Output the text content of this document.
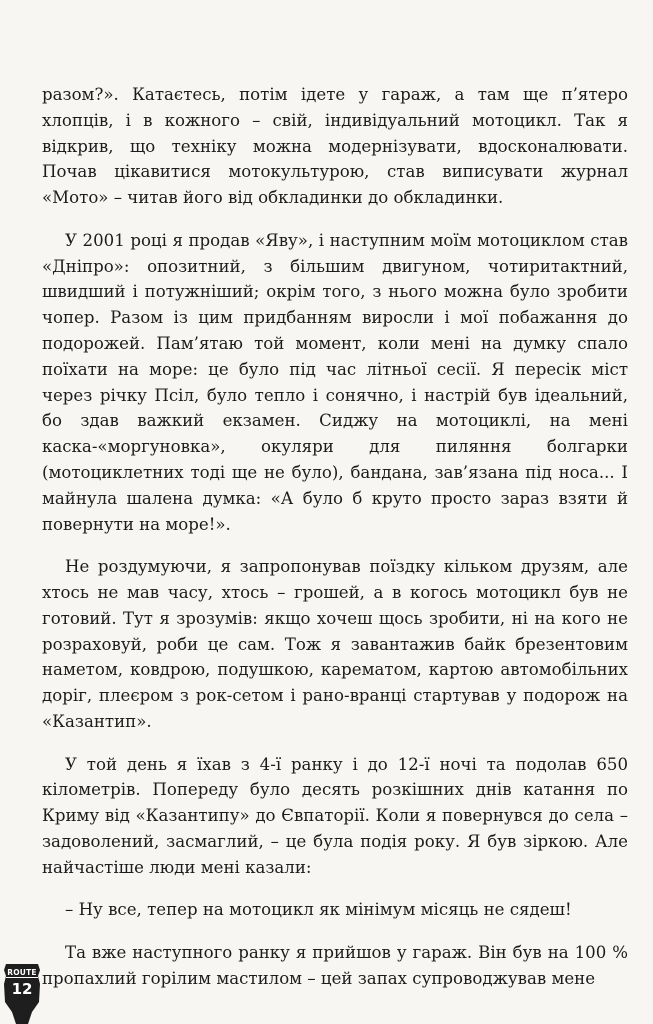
разом?». Катаєтесь, потім ідете у гараж, а там ще п’ятеро хлопців, і в кожного – свій, індивідуальний мотоцикл. Так я відкрив, що техніку можна модернізувати, вдосконалювати. Почав цікавитися мотокультурою, став виписувати журнал «Мото» – читав його від обкладинки до обкладинки.

У 2001 році я продав «Яву», і наступним моїм мотоциклом став «Дніпро»: опозитний, з більшим двигуном, чотиритактний, швидший і потужніший; окрім того, з нього можна було зробити чопер. Разом із цим придбанням виросли і мої побажання до подорожей. Пам’ятаю той момент, коли мені на думку спало поїхати на море: це було під час літньої сесії. Я пересік міст через річку Псіл, було тепло і сонячно, і настрій був ідеальний, бо здав важкий екзамен. Сиджу на мотоциклі, на мені каска-«моргуновка», окуляри для пиляння болгарки (мотоциклетних тоді ще не було), бандана, зав’язана під носа... І майнула шалена думка: «А було б круто просто зараз взяти й повернути на море!».

Не роздумуючи, я запропонував поїздку кільком друзям, але хтось не мав часу, хтось – грошей, а в когось мотоцикл був не готовий. Тут я зрозумів: якщо хочеш щось зробити, ні на кого не розраховуй, роби це сам. Тож я завантажив байк брезентовим наметом, ковдрою, подушкою, карематом, картою автомобільних доріг, плеєром з рок-сетом і рано-вранці стартував у подорож на «Казантип».

У той день я їхав з 4-ї ранку і до 12-ї ночі та подолав 650 кілометрів. Попереду було десять розкішних днів катання по Криму від «Казантипу» до Євпаторії. Коли я повернувся до села – задоволений, засмаглий, – це була подія року. Я був зіркою. Але найчастіше люди мені казали:

– Ну все, тепер на мотоцикл як мінімум місяць не сядеш!

Та вже наступного ранку я прийшов у гараж. Він був на 100 % пропахлий горілим мастилом – цей запах супроводжував мене

ROUTE
12
